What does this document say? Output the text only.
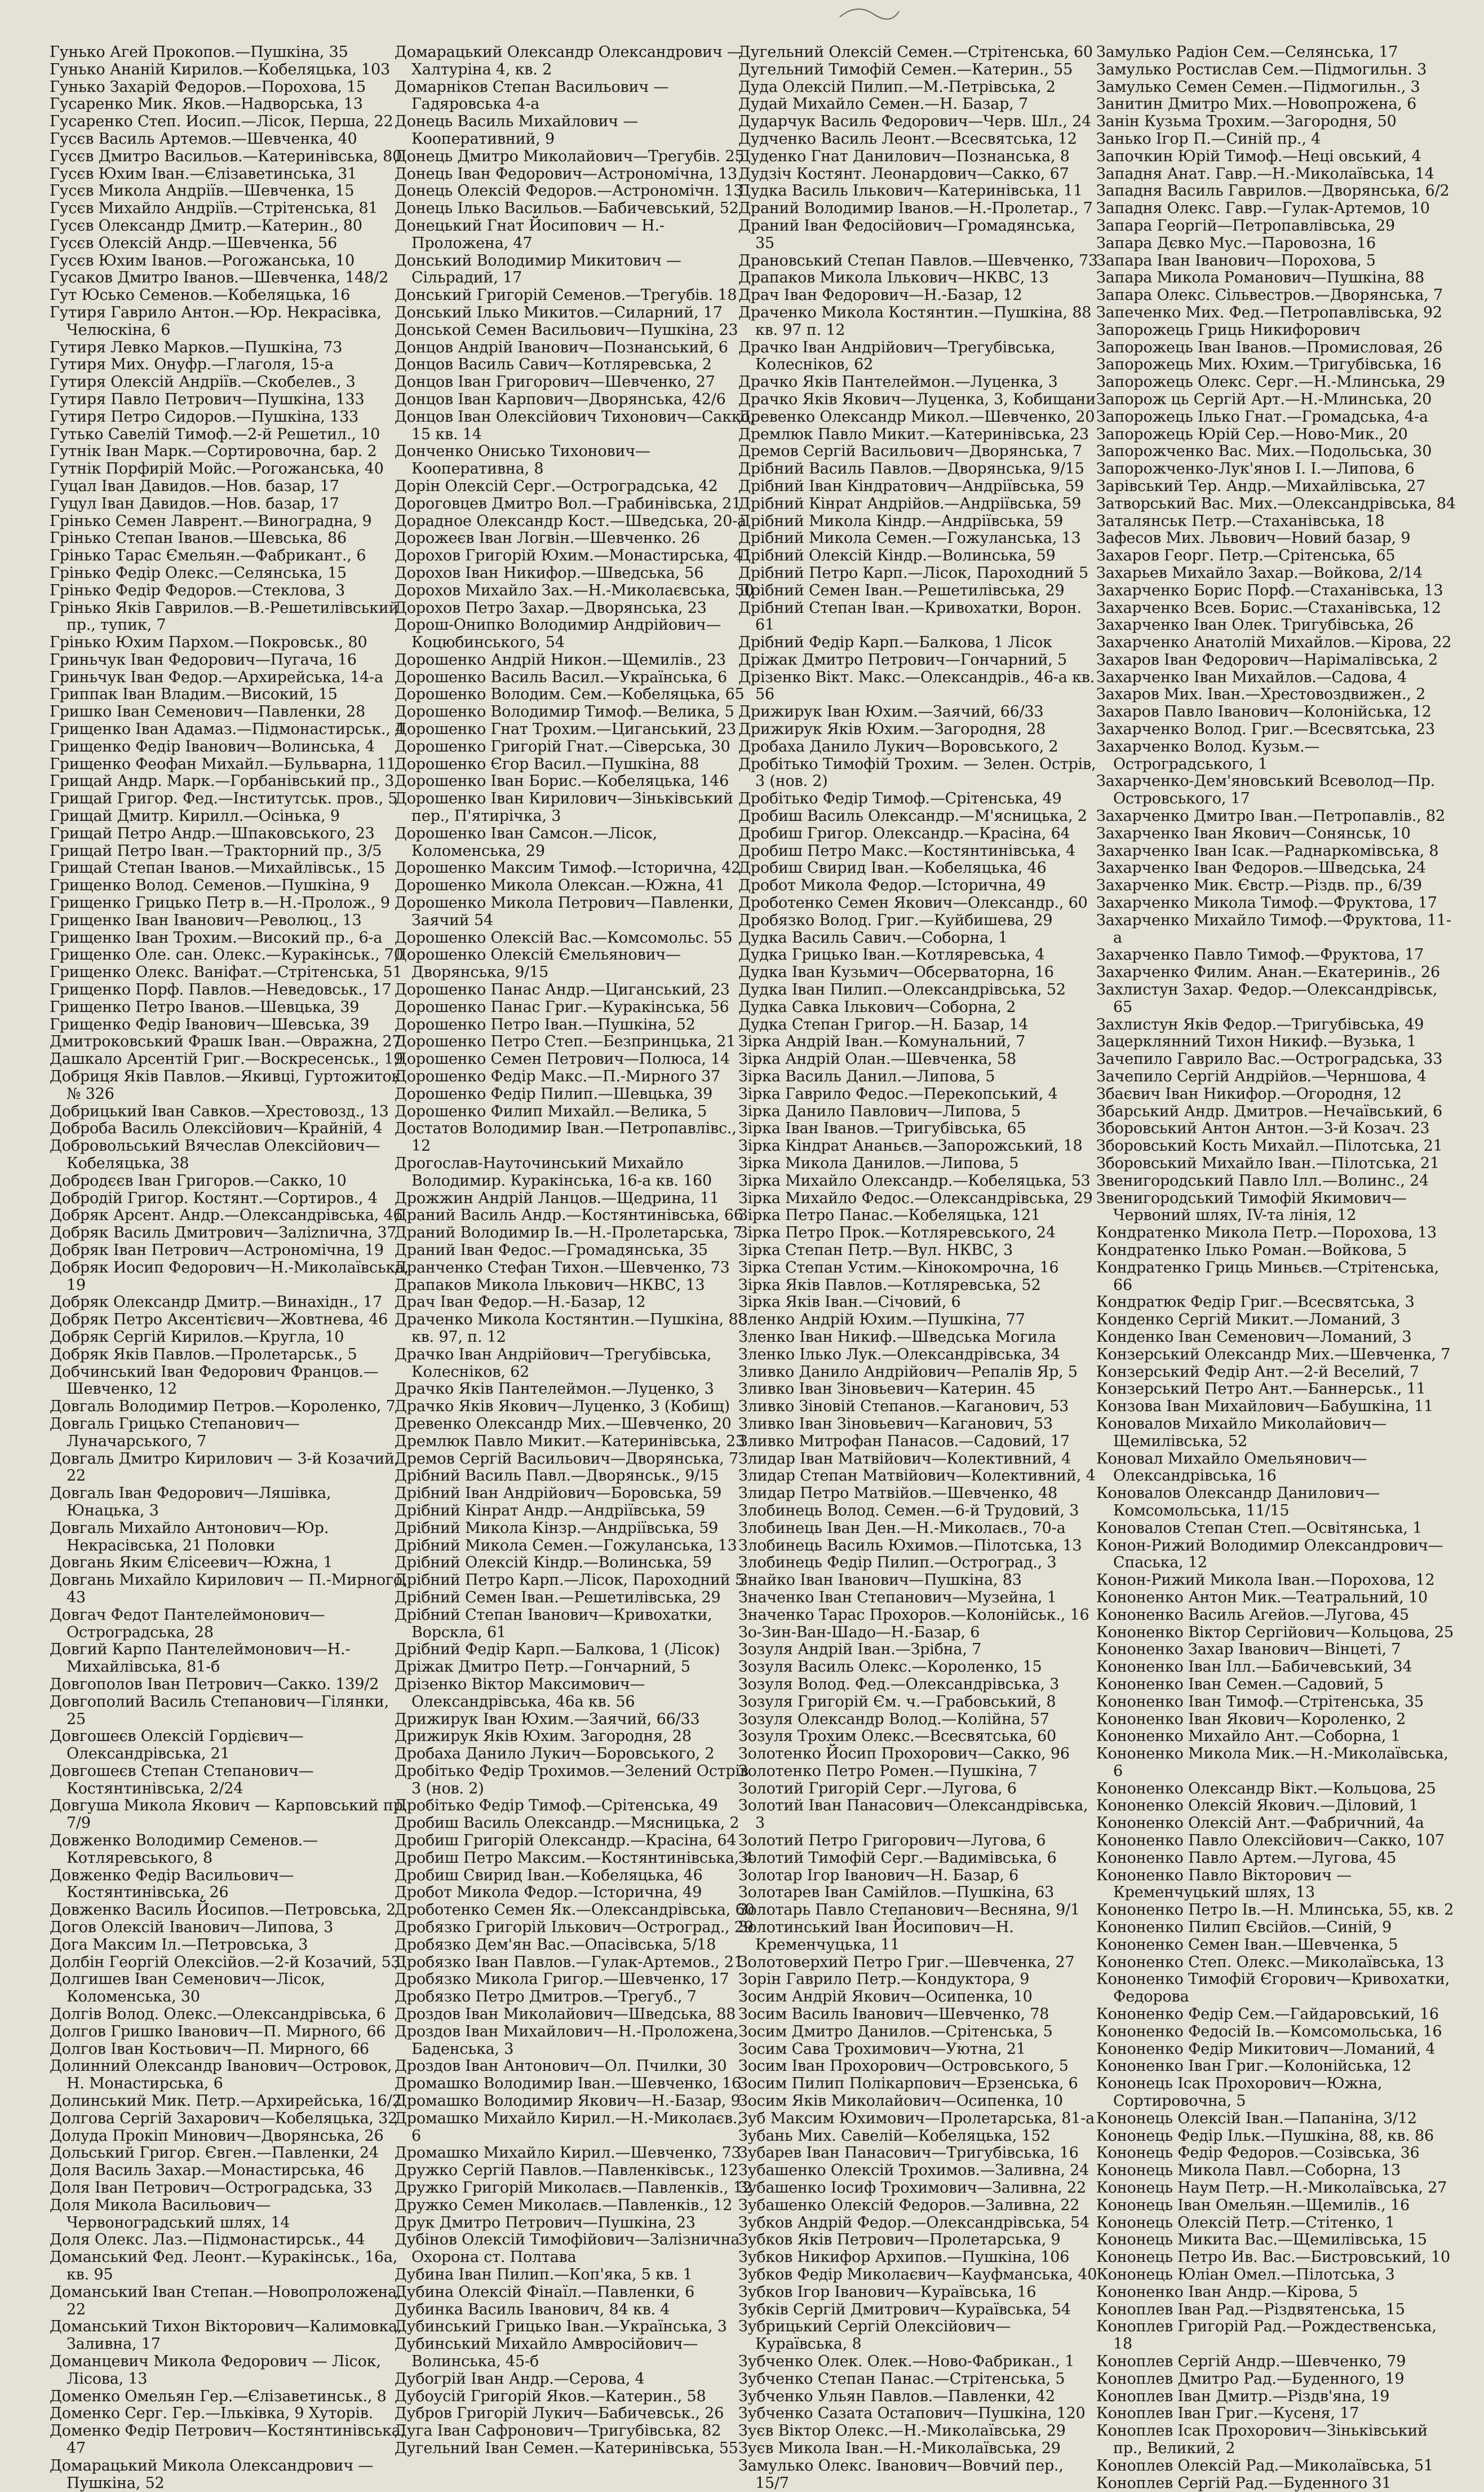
Гунько Агей Прокопов.—Пушкіна, 35
Гунько Ананій Кирилов.—Кобеляцька, 103
Гунько Захарій Федоров.—Порохова, 15
Гусаренко Мик. Яков.—Надворська, 13
Гусаренко Степ. Иосип.—Лісок, Перша, 22
Гусєв Василь Артемов.—Шевченка, 40
Гусєв Дмитро Васильов.—Катеринівська, 80
Гусєв Юхим Іван.—Єлізаветинська, 31
Гусєв Микола Андріїв.—Шевченка, 15
Гусєв Михайло Андріїв.—Стрітенська, 81
Гусєв Олександр Дмитр.—Катерин., 80
Гусєв Олексій Андр.—Шевченка, 56
Гусєв Юхим Іванов.—Рогожанська, 10
Гусаков Дмитро Іванов.—Шевченка, 148/2
Гут Юсько Семенов.—Кобеляцька, 16
Гутиря Гаврило Антон.—Юр. Некрасівка, Челюскіна, 6
Гутиря Левко Марков.—Пушкіна, 73
Гутиря Мих. Онуфр.—Глаголя, 15-а
Гутиря Олексій Андріїв.—Скобелев., 3
Гутиря Павло Петрович—Пушкіна, 133
Гутиря Петро Сидоров.—Пушкіна, 133
Гутько Савелій Тимоф.—2-й Решетил., 10
Гутнік Іван Марк.—Сортировочна, бар. 2
Гутнік Порфирій Мойс.—Рогожанська, 40
Гуцал Іван Давидов.—Нов. базар, 17
Гуцул Іван Давидов.—Нов. базар, 17
Грінько Семен Лаврент.—Виноградна, 9
Грінько Степан Іванов.—Шевська, 86
Грінько Тарас Ємельян.—Фабрикант., 6
Грінько Федір Олекс.—Селянська, 15
Грінько Федір Федоров.—Стеклова, 3
Грінько Яків Гаврилов.—В.-Решетилівський пр., тупик, 7
Грінько Юхим Пархом.—Покровськ., 80
Гриньчук Іван Федорович—Пугача, 16
Гриньчук Іван Федор.—Архирейська, 14-а
Гриппак Іван Владим.—Високий, 15
Гришко Іван Семенович—Павленки, 28
Грищенко Іван Адамаз.—Підмонастирськ., 4
Грищенко Федір Іванович—Волинська, 4
Грищенко Феофан Михайл.—Бульварна, 11
Грищай Андр. Марк.—Горбанівський пр., 3
Грищай Григор. Фед.—Інститутськ. пров., 5
Грищай Дмитр. Кирилл.—Осінька, 9
Грищай Петро Андр.—Шпаковського, 23
Грищай Петро Іван.—Тракторний пр., 3/5
Грищай Степан Іванов.—Михайлівськ., 15
Грищенко Волод. Семенов.—Пушкіна, 9
Грищенко Грицько Петр в.—Н.-Пролож., 9
Грищенко Іван Іванович—Революц., 13
Грищенко Іван Трохим.—Високий пр., 6-а
Грищенко Оле. сан. Олекс.—Куракінськ., 70
Грищенко Олекс. Ваніфат.—Стрітенська, 51
Грищенко Порф. Павлов.—Неведовськ., 17
Грищенко Петро Іванов.—Шевцька, 39
Грищенко Федір Іванович—Шевська, 39
Дмитроковський Фрашк Іван.—Овражна, 27
Дашкало Арсентій Григ.—Воскресенськ., 19
Добриця Яків Павлов.—Якивці, Гуртожиток № 326
Добрицький Іван Савков.—Хрестовозд., 13
Доброба Василь Олексійович—Крайній, 4
Добровольський Вячеслав Олексійович—Кобеляцька, 38
Добродєєв Іван Григоров.—Сакко, 10
Добродій Григор. Костянт.—Сортиров., 4
Добряк Арсент. Андр.—Олександрівська, 46
Добряк Василь Дмитрович—Заліznична, 37
Добряк Іван Петрович—Астрономічна, 19
Добряк Иосип Федорович—Н.-Миколаївська, 19
Добряк Олександр Дмитр.—Винахідн., 17
Добряк Петро Аксентієвич—Жовтнева, 46
Добряк Сергій Кирилов.—Кругла, 10
Добряк Яків Павлов.—Пролетарськ., 5
Добчинський Іван Федорович Францов.—Шевченко, 12
Довгаль Володимир Петров.—Короленко, 7
Довгаль Грицько Степанович—Луначарського, 7
Довгаль Дмитро Кирилович — 3-й Козачий, 22
Довгаль Іван Федорович—Ляшівка, Юнацька, 3
Довгаль Михайло Антонович—Юр. Некрасівська, 21 Половки
Довгань Яким Єлісеевич—Южна, 1
Довгань Михайло Кирилович — П.-Мирного, 43
Довгач Федот Пантелеймонович—Остроградська, 28
Довгий Карпо Пантелеймонович—Н.-Михайлівська, 81-б
Довгополов Іван Петрович—Сакко. 139/2
Довгополий Василь Степанович—Гілянки, 25
Довгошеєв Олексій Гордієвич—Олександрівська, 21
Довгошеєв Степан Степанович—Костянтинівська, 2/24
Довгуша Микола Якович — Карповський пр. 7/9
Довженко Володимир Семенов.—Котляревського, 8
Довженко Федір Васильович—Костянтинівська, 26
Довженко Василь Йосипов.—Петровська, 2
Догов Олексій Іванович—Липова, 3
Дога Максим Іл.—Петровська, 3
Долбін Георгій Олексійов.—2-й Козачий, 53
Долгишев Іван Семенович—Лісок, Коломенська, 30
Долгів Волод. Олекс.—Олександрівська, 6
Долгов Гришко Іванович—П. Мирного, 66
Долгов Іван Костьович—П. Мирного, 66
Долинний Олександр Іванович—Островок, Н. Монастирська, 6
Долинський Мик. Петр.—Архирейська, 16/2
Долгова Сергій Захарович—Кобеляцька, 32
Долуда Прокіп Минович—Дворянська, 26
Дольський Григор. Євген.—Павленки, 24
Доля Василь Захар.—Монастирська, 46
Доля Іван Петрович—Остроградська, 33
Доля Микола Васильович—Червоноградський шлях, 14
Доля Олекс. Лаз.—Підмонастирськ., 44
Доманський Фед. Леонт.—Куракінськ., 16а, кв. 95
Доманський Іван Степан.—Новопроложена, 22
Доманський Тихон Вікторович—Калимовка, Заливна, 17
Доманцевич Микола Федорович — Лісок, Лісова, 13
Доменко Омельян Гер.—Єлізаветинськ., 8
Доменко Серг. Гер.—Ільківка, 9 Хуторів.
Доменко Федір Петрович—Костянтинівська, 47
Домарацький Микола Олександрович — Пушкіна, 52
Домарацький Олександр Олександрович — Халтуріна 4, кв. 2
Домарніков Степан Васильович — Гадяровська 4-а
Донець Василь Михайлович — Кооперативний, 9
Донець Дмитро Миколайович—Трегубів. 25
Донець Іван Федорович—Астрономічна, 13
Донець Олексій Федоров.—Астрономічн. 13
Донець Ілько Васильов.—Бабичевський, 52
Донецький Гнат Йосипович — Н.-Проложена, 47
Донський Володимир Микитович — Сільрадий, 17
Донський Григорій Семенов.—Трегубів. 18
Донський Ілько Микитов.—Силарний, 17
Донськой Семен Васильович—Пушкіна, 23
Донцов Андрій Іванович—Познанський, 6
Донцов Василь Савич—Котляревська, 2
Донцов Іван Григорович—Шевченко, 27
Донцов Іван Карпович—Дворянська, 42/6
Донцов Іван Олексійович Тихонович—Сакко, 15 кв. 14
Донченко Онисько Тихонович—Кооперативна, 8
Дорін Олексій Серг.—Остроградська, 42
Дороговцев Дмитро Вол.—Грабинівська, 21
Дорадное Олександр Кост.—Шведська, 20-а
Дорожеєв Іван Логвін.—Шевченко. 26
Дорохов Григорій Юхим.—Монастирська, 41
Дорохов Іван Никифор.—Шведська, 56
Дорохов Михайло Зах.—Н.-Миколаєвська, 50
Дорохов Петро Захар.—Дворянська, 23
Дорош-Онипко Володимир Андрійович—Коцюбинського, 54
Дорошенко Андрій Никон.—Щемилів., 23
Дорошенко Василь Васил.—Українська, 6
Дорошенко Володим. Сем.—Кобеляцька, 65
Дорошенко Володимир Тимоф.—Велика, 5
Дорошенко Гнат Трохим.—Циганський, 23
Дорошенко Григорій Гнат.—Сіверська, 30
Дорошенко Єгор Васил.—Пушкіна, 88
Дорошенко Іван Борис.—Кобеляцька, 146
Дорошенко Іван Кирилович—Зіньківський пер., П'ятирічка, 3
Дорошенко Іван Самсон.—Лісок, Коломенська, 29
Дорошенко Максим Тимоф.—Історична, 42
Дорошенко Микола Олексан.—Южна, 41
Дорошенко Микола Петрович—Павленки, Заячий 54
Дорошенко Олексій Вас.—Комсомольс. 55
Дорошенко Олексій Ємельянович—Дворянська, 9/15
Дорошенко Панас Андр.—Циганський, 23
Дорошенко Панас Григ.—Куракінська, 56
Дорошенко Петро Іван.—Пушкіна, 52
Дорошенко Петро Степ.—Безпринцька, 21
Дорошенко Семен Петрович—Полюса, 14
Дорошенко Федір Макс.—П.-Мирного 37
Дорошенко Федір Пилип.—Шевцька, 39
Дорошенко Филип Михайл.—Велика, 5
Достатов Володимир Іван.—Петропавлівс., 12
Дрогослав-Науточинський Михайло Володимир. Куракінська, 16-а кв. 160
Дрожжин Андрій Ланцов.—Щедрина, 11
Драний Василь Андр.—Костянтинівська, 66
Драний Володимир Ів.—Н.-Пролетарська, 7
Драний Іван Федос.—Громадянська, 35
Дранченко Стефан Тихон.—Шевченко, 73
Драпаков Микола Ількович—НКВС, 13
Драч Іван Федор.—Н.-Базар, 12
Драченко Микола Костянтин.—Пушкіна, 88 кв. 97, п. 12
Драчко Іван Андрійович—Трегубівська, Колесніков, 62
Драчко Яків Пантелеймон.—Луценко, 3
Драчко Яків Якович—Луценко, 3 (Кобищ)
Древенко Олександр Мих.—Шевченко, 20
Дремлюк Павло Микит.—Катеринівська, 23
Дремов Сергій Васильович—Дворянська, 7
Дрібний Василь Павл.—Дворянськ., 9/15
Дрібний Іван Андрійович—Боровська, 59
Дрібний Кінрат Андр.—Андріївська, 59
Дрібний Микола Кінзр.—Андріївська, 59
Дрібний Микола Семен.—Гожуланська, 13
Дрібний Олексій Кіндр.—Волинська, 59
Дрібний Петро Карп.—Лісок, Пароходний 5
Дрібний Семен Іван.—Решетилівська, 29
Дрібний Степан Іванович—Кривохатки, Ворскла, 61
Дрібний Федір Карп.—Балкова, 1 (Лісок)
Дріжак Дмитро Петр.—Гончарний, 5
Дрізенко Віктор Максимович—Олександрівська, 46а кв. 56
Дрижирук Іван Юхим.—Заячий, 66/33
Дрижирук Яків Юхим. Загородня, 28
Дробаха Данило Лукич—Боровського, 2
Дробітько Федір Трохимов.—Зелений Острів 3 (нов. 2)
Дробітько Федір Тимоф.—Срітенська, 49
Дробиш Василь Олександр.—Мясницька, 2
Дробиш Григорій Олександр.—Красіна, 64
Дробиш Петро Максим.—Костянтинівська, 4
Дробиш Свирид Іван.—Кобеляцька, 46
Дробот Микола Федор.—Історична, 49
Дроботенко Семен Як.—Олександрівська, 60
Дробязко Григорій Ількович—Остроград., 29
Дробязко Дем'ян Вас.—Опасівська, 5/18
Дробязко Іван Павлов.—Гулак-Артемов., 21
Дробязко Микола Григор.—Шевченко, 17
Дробязко Петро Дмитров.—Трегуб., 7
Дроздов Іван Миколайович—Шведська, 88
Дроздов Іван Михайлович—Н.-Проложена, Баденська, 3
Дроздов Іван Антонович—Ол. Пчилки, 30
Дромашко Володимир Іван.—Шевченко, 16
Дромашко Володимир Якович—Н.-Базар, 9
Дромашко Михайло Кирил.—Н.-Миколаєв., 6
Дромашко Михайло Кирил.—Шевченко, 73
Дружко Сергій Павлов.—Павленківськ., 12
Дружко Григорій Миколаєв.—Павленків., 12
Дружко Семен Миколаєв.—Павленків., 12
Друк Дмитро Петрович—Пушкіна, 23
Дубінов Олексій Тимофійович—Залізнична Охорона ст. Полтава
Дубина Іван Пилип.—Коп'яка, 5 кв. 1
Дубина Олексій Фінаїл.—Павленки, 6
Дубинка Василь Іванович, 84 кв. 4
Дубинський Грицько Іван.—Українська, 3
Дубинський Михайло Амвросійович—Волинська, 45-б
Дубогрій Іван Андр.—Серова, 4
Дубоусій Григорій Яков.—Катерин., 58
Дубров Григорій Лукич—Бабичевськ., 26
Дуга Іван Сафронович—Тригубівська, 82
Дугельний Іван Семен.—Катеринівська, 55
Дугельний Олексій Семен.—Стрітенська, 60
Дугельний Тимофій Семен.—Катерин., 55
Дуда Олексій Пилип.—М.-Петрівська, 2
Дудай Михайло Семен.—Н. Базар, 7
Дударчук Василь Федорович—Черв. Шл., 24
Дудченко Василь Леонт.—Всесвятська, 12
Дуденко Гнат Данилович—Познанська, 8
Дудзіч Костянт. Леонардович—Сакко, 67
Дудка Василь Ількович—Катеринівська, 11
Драний Володимир Іванов.—Н.-Пролетар., 7
Драний Іван Федосійович—Громадянська, 35
Драновський Степан Павлов.—Шевченко, 73
Драпаков Микола Ількович—НКВС, 13
Драч Іван Федорович—Н.-Базар, 12
Драченко Микола Костянтин.—Пушкіна, 88 кв. 97 п. 12
Драчко Іван Андрійович—Трегубівська, Колесніков, 62
Драчко Яків Пантелеймон.—Луценка, 3
Драчко Яків Якович—Луценка, 3, Кобищани
Древенко Олександр Микол.—Шевченко, 20
Дремлюк Павло Микит.—Катеринівська, 23
Дремов Сергій Васильович—Дворянська, 7
Дрібний Василь Павлов.—Дворянська, 9/15
Дрібний Іван Кіндратович—Андріївська, 59
Дрібний Кінрат Андрійов.—Андріївська, 59
Дрібний Микола Кіндр.—Андріївська, 59
Дрібний Микола Семен.—Гожуланська, 13
Дрібний Олексій Кіндр.—Волинська, 59
Дрібний Петро Карп.—Лісок, Пароходний 5
Дрібний Семен Іван.—Решетилівська, 29
Дрібний Степан Іван.—Кривохатки, Ворон. 61
Дрібний Федір Карп.—Балкова, 1 Лісок
Дріжак Дмитро Петрович—Гончарний, 5
Дрізенко Вікт. Макс.—Олександрів., 46-а кв. 56
Дрижирук Іван Юхим.—Заячий, 66/33
Дрижирук Яків Юхим.—Загородня, 28
Дробаха Данило Лукич—Воровського, 2
Дробітько Тимофій Трохим. — Зелен. Острів, 3 (нов. 2)
Дробітько Федір Тимоф.—Срітенська, 49
Дробиш Василь Олександр.—М'ясницька, 2
Дробиш Григор. Олександр.—Красіна, 64
Дробиш Петро Макс.—Костянтинівська, 4
Дробиш Свирид Іван.—Кобеляцька, 46
Дробот Микола Федор.—Історична, 49
Дроботенко Семен Якович—Олександр., 60
Дробязко Волод. Григ.—Куйбишева, 29
Дудка Василь Савич.—Соборна, 1
Дудка Грицько Іван.—Котляревська, 4
Дудка Іван Кузьмич—Обсерваторна, 16
Дудка Іван Пилип.—Олександрівська, 52
Дудка Савка Ількович—Соборна, 2
Дудка Степан Григор.—Н. Базар, 14
Зірка Андрій Іван.—Комунальний, 7
Зірка Андрій Олан.—Шевченка, 58
Зірка Василь Данил.—Липова, 5
Зірка Гаврило Федос.—Перекопський, 4
Зірка Данило Павлович—Липова, 5
Зірка Іван Іванов.—Тригубівська, 65
Зірка Кіндрат Ананьєв.—Запорожський, 18
Зірка Микола Данилов.—Липова, 5
Зірка Михайло Олександр.—Кобеляцька, 53
Зірка Михайло Федос.—Олександрівська, 29
Зірка Петро Панас.—Кобеляцька, 121
Зірка Петро Прок.—Котляревського, 24
Зірка Степан Петр.—Вул. НКВС, 3
Зірка Степан Устим.—Кінокомрочна, 16
Зірка Яків Павлов.—Котляревська, 52
Зірка Яків Іван.—Січовий, 6
Зленко Андрій Юхим.—Пушкіна, 77
Зленко Іван Никиф.—Шведська Могила
Зленко Ілько Лук.—Олександрівська, 34
Зливко Данило Андрійович—Репалів Яр, 5
Зливко Іван Зіновьевич—Катерин. 45
Зливко Зіновій Степанов.—Каганович, 53
Зливко Іван Зіновьевич—Каганович, 53
Зливко Митрофан Панасов.—Садовий, 17
Злидар Іван Матвійович—Колективний, 4
Злидар Степан Матвійович—Колективний, 4
Злидар Петро Матвійов.—Шевченко, 48
Злобинець Волод. Семен.—6-й Трудовий, 3
Злобинець Іван Ден.—Н.-Миколаєв., 70-а
Злобинець Василь Юхимов.—Пілотська, 13
Злобинець Федір Пилип.—Остроград., 3
Знайко Іван Іванович—Пушкіна, 83
Значенко Іван Степанович—Музейна, 1
Значенко Тарас Прохоров.—Колонійськ., 16
Зо-Зин-Ван-Шадо—Н.-Базар, 6
Зозуля Андрій Іван.—Зрібна, 7
Зозуля Василь Олекс.—Короленко, 15
Зозуля Волод. Фед.—Олександрівська, 3
Зозуля Григорій Єм. ч.—Грабовський, 8
Зозуля Олександр Волод.—Колійна, 57
Зозуля Трохим Олекс.—Всесвятська, 60
Золотенко Йосип Прохорович—Сакко, 96
Золотенко Петро Ромен.—Пушкіна, 7
Золотий Григорій Серг.—Лугова, 6
Золотий Іван Панасович—Олександрівська, 3
Золотий Петро Григорович—Лугова, 6
Золотий Тимофій Серг.—Вадимівська, 6
Золотар Ігор Іванович—Н. Базар, 6
Золотарев Іван Самійлов.—Пушкіна, 63
Золотарь Павло Степанович—Весняна, 9/1
Золотинський Іван Йосипович—Н. Кременчуцька, 11
Золотоверхий Петро Григ.—Шевченка, 27
Зорін Гаврило Петр.—Кондуктора, 9
Зосим Андрій Якович—Осипенка, 10
Зосим Василь Іванович—Шевченко, 78
Зосим Дмитро Данилов.—Срітенська, 5
Зосим Сава Трохимович—Уютна, 21
Зосим Іван Прохорович—Островського, 5
Зосим Пилип Полікарпович—Ерзенська, 6
Зосим Яків Миколайович—Осипенка, 10
Зуб Максим Юхимович—Пролетарська, 81-а
Зубань Мих. Савелій—Кобеляцька, 152
Зубарев Іван Панасович—Тригубівська, 16
Зубашенко Олексій Трохимов.—Заливна, 24
Зубашенко Іосиф Трохимович—Заливна, 22
Зубашенко Олексій Федоров.—Заливна, 22
Зубков Андрій Федор.—Олександрівська, 54
Зубков Яків Петрович—Пролетарська, 9
Зубков Никифор Архипов.—Пушкіна, 106
Зубков Федір Миколаєвич—Кауфманська, 40
Зубков Ігор Іванович—Кураївська, 16
Зубків Сергій Дмитрович—Кураївська, 54
Зубрицький Сергій Олексійович—Кураївська, 8
Зубченко Олек. Олек.—Ново-Фабрикан., 1
Зубченко Степан Панас.—Стрітенська, 5
Зубченко Ульян Павлов.—Павленки, 42
Зубченко Сазата Остапович—Пушкіна, 120
Зуєв Віктор Олекс.—Н.-Миколаївська, 29
Зуєв Микола Іван.—Н.-Миколаївська, 29
Замулько Олекс. Іванович—Вовчий пер., 15/7
Замулько Радіон Сем.—Селянська, 17
Замулько Ростислав Сем.—Підмогильн. 3
Замулько Семен Семен.—Підмогильн., 3
Занитин Дмитро Мих.—Новопрожена, 6
Занін Кузьма Трохим.—Загородня, 50
Занько Ігор П.—Синій пр., 4
Започкин Юрій Тимоф.—Неці овський, 4
Западня Анат. Гавр.—Н.-Миколаївська, 14
Западня Василь Гаврилов.—Дворянська, 6/2
Западня Олекс. Гавр.—Гулак-Артемов, 10
Запара Георгій—Петропавлівська, 29
Запара Дєвко Мус.—Паровозна, 16
Запара Іван Іванович—Порохова, 5
Запара Микола Романович—Пушкіна, 88
Запара Олекс. Сільвестров.—Дворянська, 7
Запеченко Мих. Фед.—Петропавлівська, 92
Запорожець Гриць Никифорович
Запорожець Іван Іванов.—Промисловая, 26
Запорожець Мих. Юхим.—Тригубівська, 16
Запорожець Олекс. Серг.—Н.-Млинська, 29
Запорож ць Сергій Арт.—Н.-Млинська, 20
Запорожець Ілько Гнат.—Громадська, 4-а
Запорожець Юрій Сер.—Ново-Мик., 20
Запорожченко Вас. Мих.—Подольська, 30
Запорожченко-Лук'янов І. І.—Липова, 6
Зарівський Тер. Андр.—Михайлівська, 27
Затворський Вас. Мих.—Олександрівська, 84
Заталянськ Петр.—Стаханівська, 18
Зафесов Мих. Львович—Новий базар, 9
Захаров Георг. Петр.—Срітенська, 65
Захарьев Михайло Захар.—Войкова, 2/14
Захарченко Борис Порф.—Стаханівська, 13
Захарченко Всев. Борис.—Стаханівська, 12
Захарченко Іван Олек. Тригубівська, 26
Захарченко Анатолій Михайлов.—Кірова, 22
Захаров Іван Федорович—Нарімалівська, 2
Захарченко Іван Михайлов.—Садова, 4
Захаров Мих. Іван.—Хрестовоздвижен., 2
Захаров Павло Іванович—Колонійська, 12
Захарченко Волод. Григ.—Всесвятська, 23
Захарченко Волод. Кузьм.—Остроградського, 1
Захарченко-Дем'яновський Всеволод—Пр. Островського, 17
Захарченко Дмитро Іван.—Петропавлів., 82
Захарченко Іван Якович—Сонянськ, 10
Захарченко Іван Ісак.—Раднаркомівська, 8
Захарченко Іван Федоров.—Шведська, 24
Захарченко Мик. Євстр.—Різдв. пр., 6/39
Захарченко Микола Тимоф.—Фруктова, 17
Захарченко Михайло Тимоф.—Фруктова, 11-а
Захарченко Павло Тимоф.—Фруктова, 17
Захарченко Филим. Анан.—Екатеринів., 26
Захлистун Захар. Федор.—Олександрівськ, 65
Захлистун Яків Федор.—Тригубівська, 49
Зацерклянний Тихон Никиф.—Вузька, 1
Зачепило Гаврило Вас.—Остроградська, 33
Зачепило Сергій Андрійов.—Черншова, 4
Збаєвич Іван Никифор.—Огородня, 12
Збарський Андр. Дмитров.—Нечаївський, 6
Зборовський Антон Антон.—3-й Козач. 23
Зборовський Кость Михайл.—Пілотська, 21
Зборовський Михайло Іван.—Пілотська, 21
Звенигородський Павло Ілл.—Волинс., 24
Звенигородський Тимофій Якимович—Червоний шлях, IV-та лінія, 12
Кондратенко Микола Петр.—Порохова, 13
Кондратенко Ілько Роман.—Войкова, 5
Кондратенко Гриць Миньєв.—Стрітенська, 66
Кондратюк Федір Григ.—Всесвятська, 3
Конденко Сергій Микит.—Ломаний, 3
Конденко Іван Семенович—Ломаний, 3
Конзерський Олександр Мих.—Шевченка, 7
Конзерський Федір Ант.—2-й Веселий, 7
Конзерський Петро Ант.—Баннерськ., 11
Конзова Іван Михайлович—Бабушкіна, 11
Коновалов Михайло Миколайович—Щемилівська, 52
Коновал Михайло Омельянович—Олександрівська, 16
Коновалов Олександр Данилович—Комсомольська, 11/15
Коновалов Степан Степ.—Освітянська, 1
Конон-Рижий Володимир Олександрович—Спаська, 12
Конон-Рижий Микола Іван.—Порохова, 12
Кононенко Антон Мик.—Театральний, 10
Кононенко Василь Агейов.—Лугова, 45
Кононенко Віктор Сергійович—Кольцова, 25
Кононенко Захар Іванович—Вінцеті, 7
Кононенко Іван Ілл.—Бабичевський, 34
Кононенко Іван Семен.—Садовий, 5
Кононенко Іван Тимоф.—Стрітенська, 35
Кононенко Іван Якович—Короленко, 2
Кононенко Михайло Ант.—Соборна, 1
Кононенко Микола Мик.—Н.-Миколаївська, 6
Кононенко Олександр Вікт.—Кольцова, 25
Кононенко Олексій Якович.—Діловий, 1
Кононенко Олексій Ант.—Фабричний, 4а
Кононенко Павло Олексійович—Сакко, 107
Кононенко Павло Артем.—Лугова, 45
Кононенко Павло Вікторович — Кременчуцький шлях, 13
Кононенко Петро Ів.—Н. Млинська, 55, кв. 2
Кононенко Пилип Євсійов.—Синій, 9
Кононенко Семен Іван.—Шевченка, 5
Кононенко Степ. Олекс.—Миколаївська, 13
Кононенко Тимофій Єгорович—Кривохатки, Федорова
Кононенко Федір Сем.—Гайдаровський, 16
Кононенко Федосій Ів.—Комсомольська, 16
Кононенко Федір Микитович—Ломаний, 4
Кононенко Іван Григ.—Колонійська, 12
Кононець Ісак Прохорович—Южна, Сортировочна, 5
Кононець Олексій Іван.—Папаніна, 3/12
Кононець Федір Ільк.—Пушкіна, 88, кв. 86
Кононець Федір Федоров.—Созівська, 36
Кононець Микола Павл.—Соборна, 13
Кононець Наум Петр.—Н.-Миколаївська, 27
Кононець Іван Омельян.—Щемилів., 16
Кононець Олексій Петр.—Стітенко, 1
Кононець Микита Вас.—Щемилівська, 15
Кононець Петро Ив. Вас.—Бистровський, 10
Кононець Юліан Омел.—Пілотська, 3
Кононенко Іван Андр.—Кірова, 5
Коноплев Іван Рад.—Різдвятенська, 15
Коноплев Григорій Рад.—Рождественська, 18
Коноплев Сергій Андр.—Шевченко, 79
Коноплев Дмитро Рад.—Буденного, 19
Коноплев Іван Дмитр.—Різдв'яна, 19
Коноплев Іван Григ.—Кусеня, 17
Коноплев Ісак Прохорович—Зіньківський пр., Великий, 2
Коноплев Олексій Рад.—Миколаївська, 51
Коноплев Сергій Рад.—Буденного 31
